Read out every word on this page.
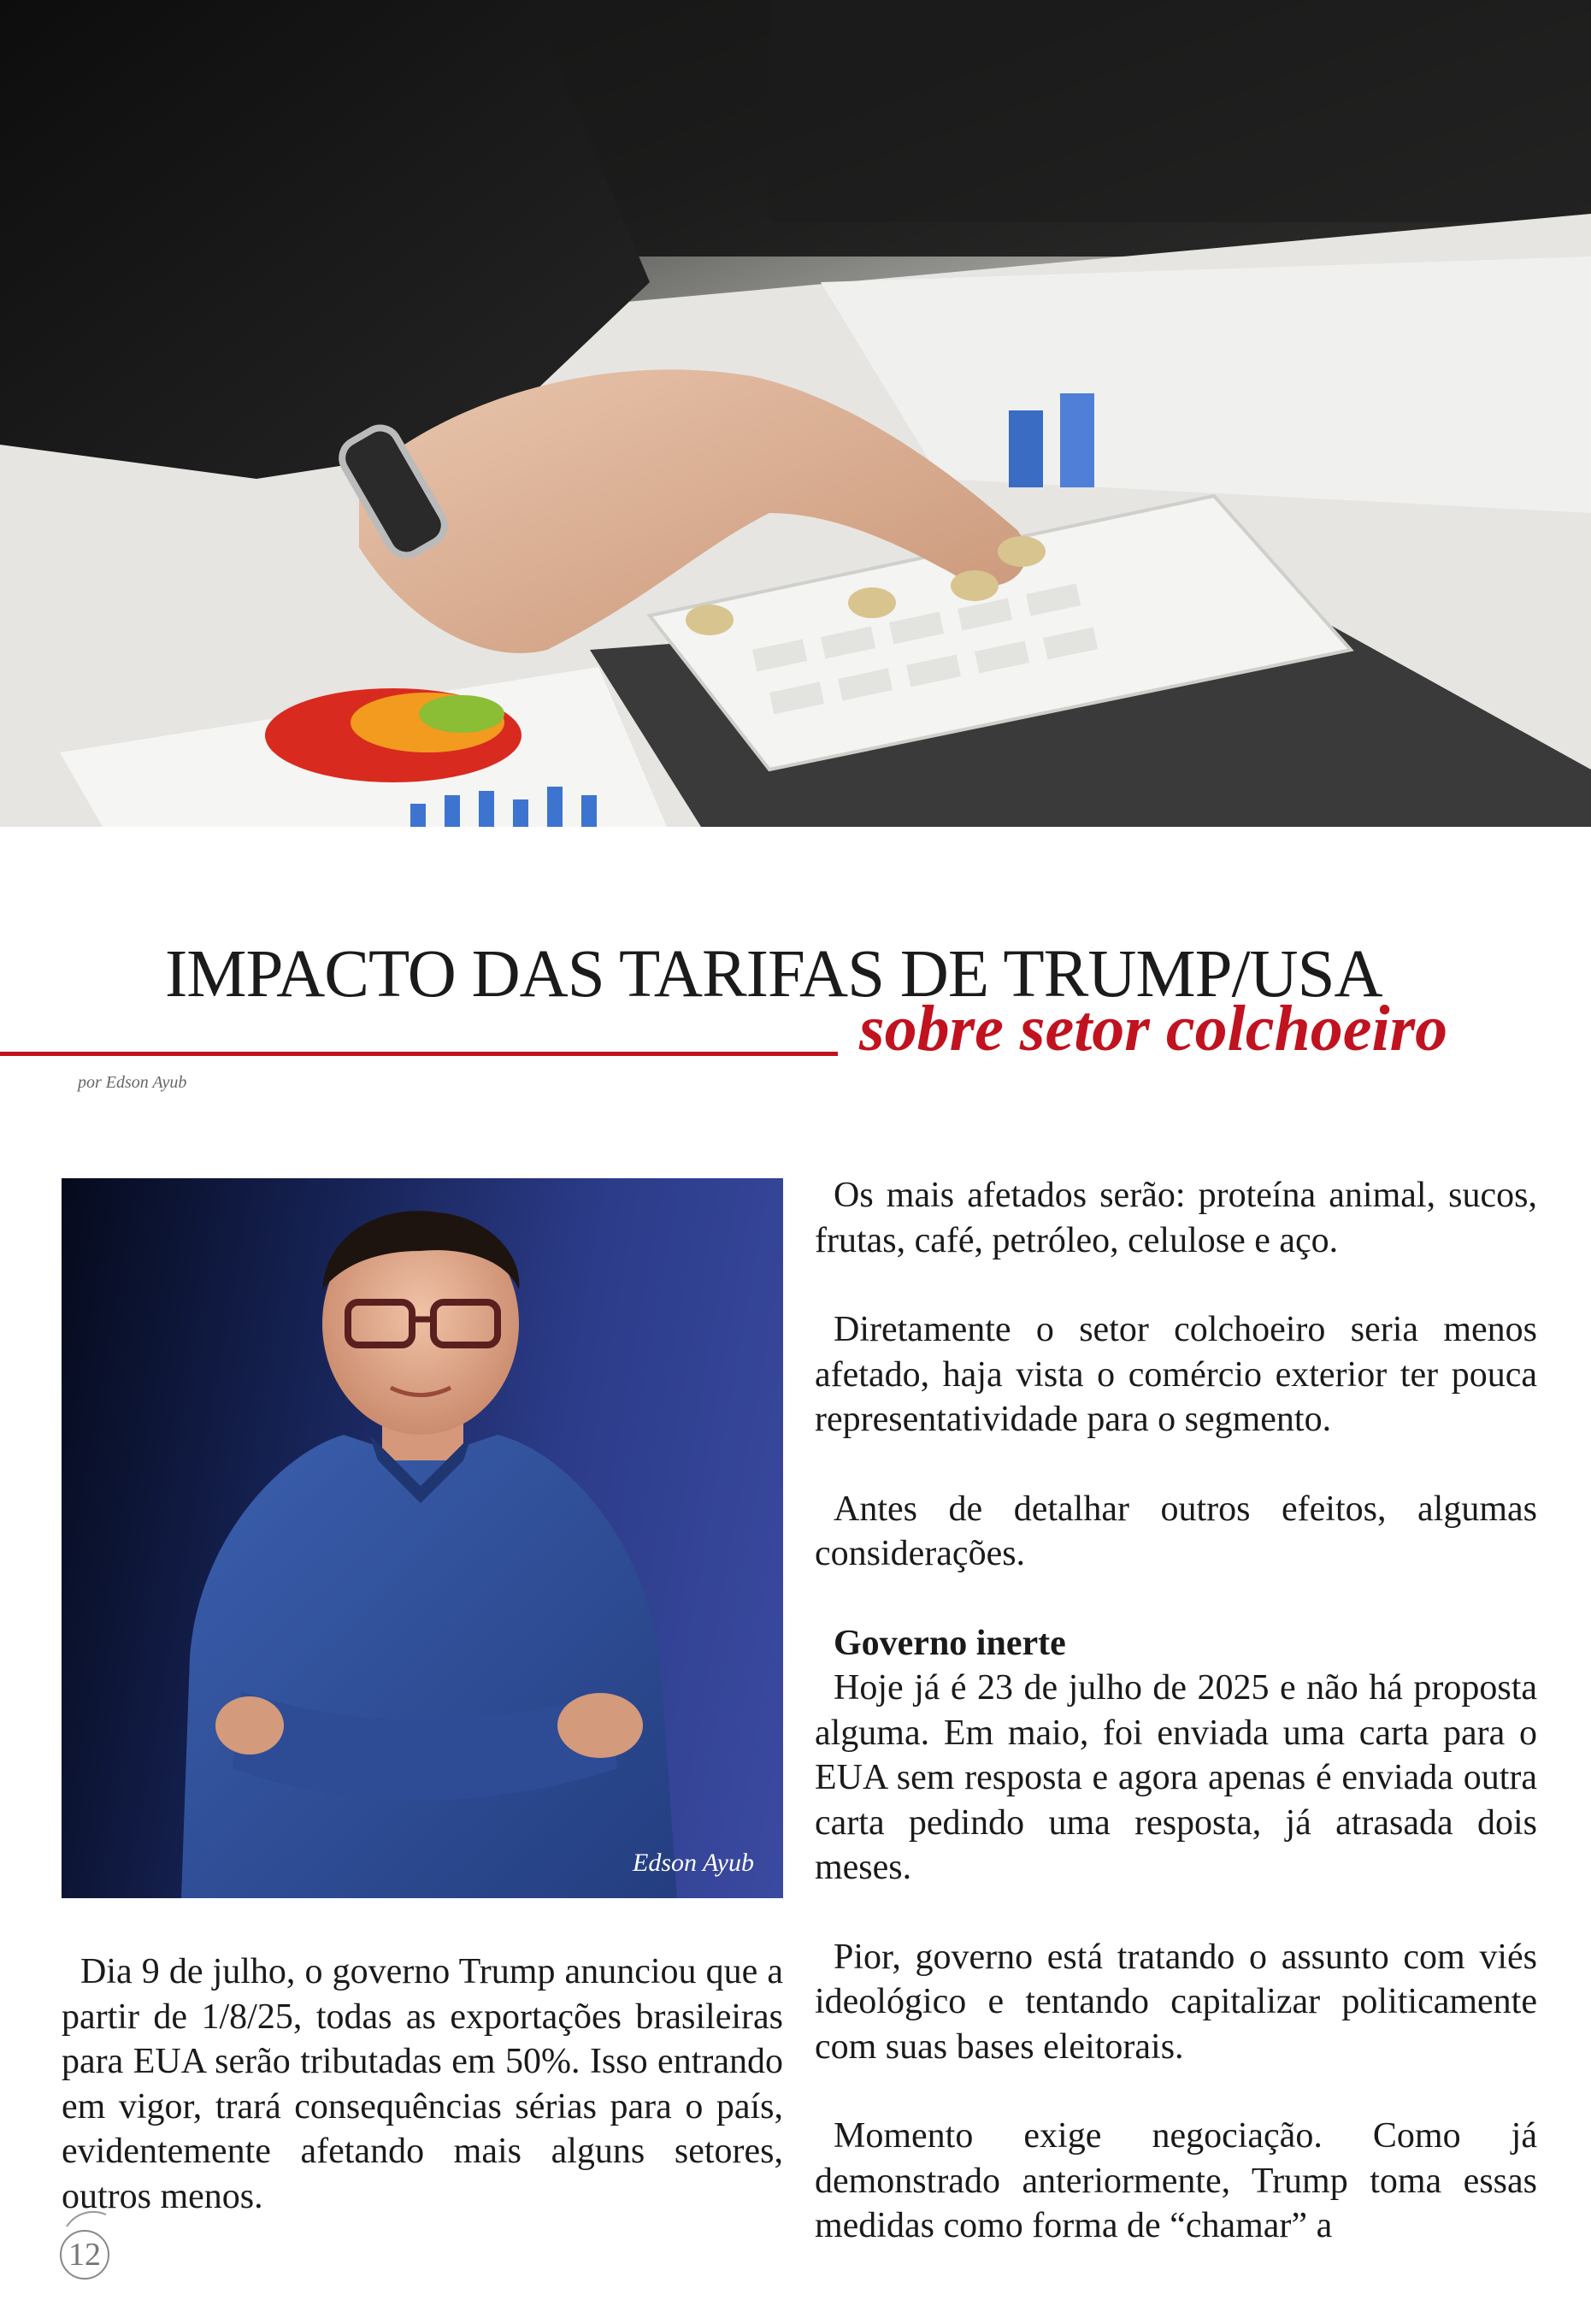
IMPACTO DAS TARIFAS DE TRUMP/USA
sobre setor colchoeiro
por Edson Ayub
Edson Ayub

Dia 9 de julho, o governo Trump anunciou que a partir de 1/8/25, todas as exportações brasileiras para EUA serão tributadas em 50%. Isso entrando em vigor, trará consequências sérias para o país, evidentemente afetando mais alguns setores, outros menos.

Os mais afetados serão: proteína animal, sucos, frutas, café, petróleo, celulose e aço.

Diretamente o setor colchoeiro seria menos afetado, haja vista o comércio exterior ter pouca representatividade para o segmento.

Antes de detalhar outros efeitos, algumas considerações.

Governo inerte

Hoje já é 23 de julho de 2025 e não há proposta alguma. Em maio, foi enviada uma carta para o EUA sem resposta e agora apenas é enviada outra carta pedindo uma resposta, já atrasada dois meses.

Pior, governo está tratando o assunto com viés ideológico e tentando capitalizar politicamente com suas bases eleitorais.

Momento exige negociação. Como já demonstrado anteriormente, Trump toma essas medidas como forma de “chamar” a

12
